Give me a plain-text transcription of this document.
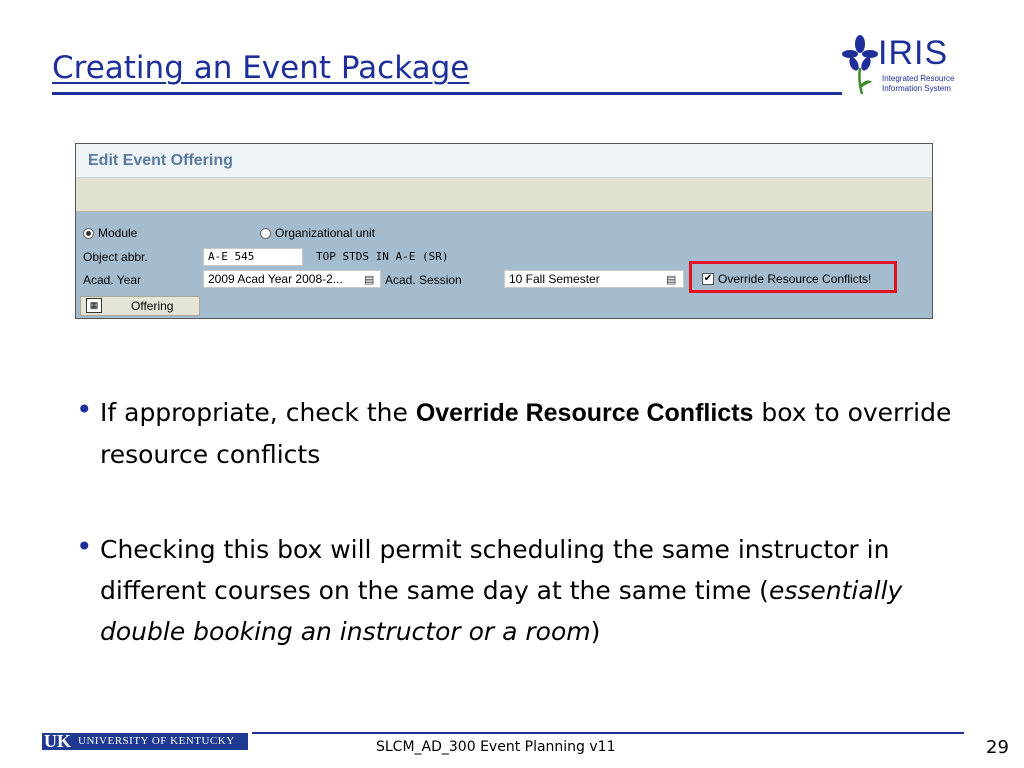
Creating an Event Package	IRIS
Integrated Resource
Information System
Edit Event Offering
Module	Organizational unit
Object abbr.	A-E 545	TOP STDS IN A-E (SR)
Acad. Year	2009 Acad Year 2008-2...	▤ Acad. Session	10 Fall Semester	▤	✔ Override Resource Conflicts!
▦	Offering
• If appropriate, check the Override Resource Conflicts box to override resource conflicts
• Checking this box will permit scheduling the same instructor in different courses on the same day at the same time (essentially double booking an instructor or a room)
UK UNIVERSITY OF KENTUCKY	SLCM_AD_300 Event Planning v11	29
